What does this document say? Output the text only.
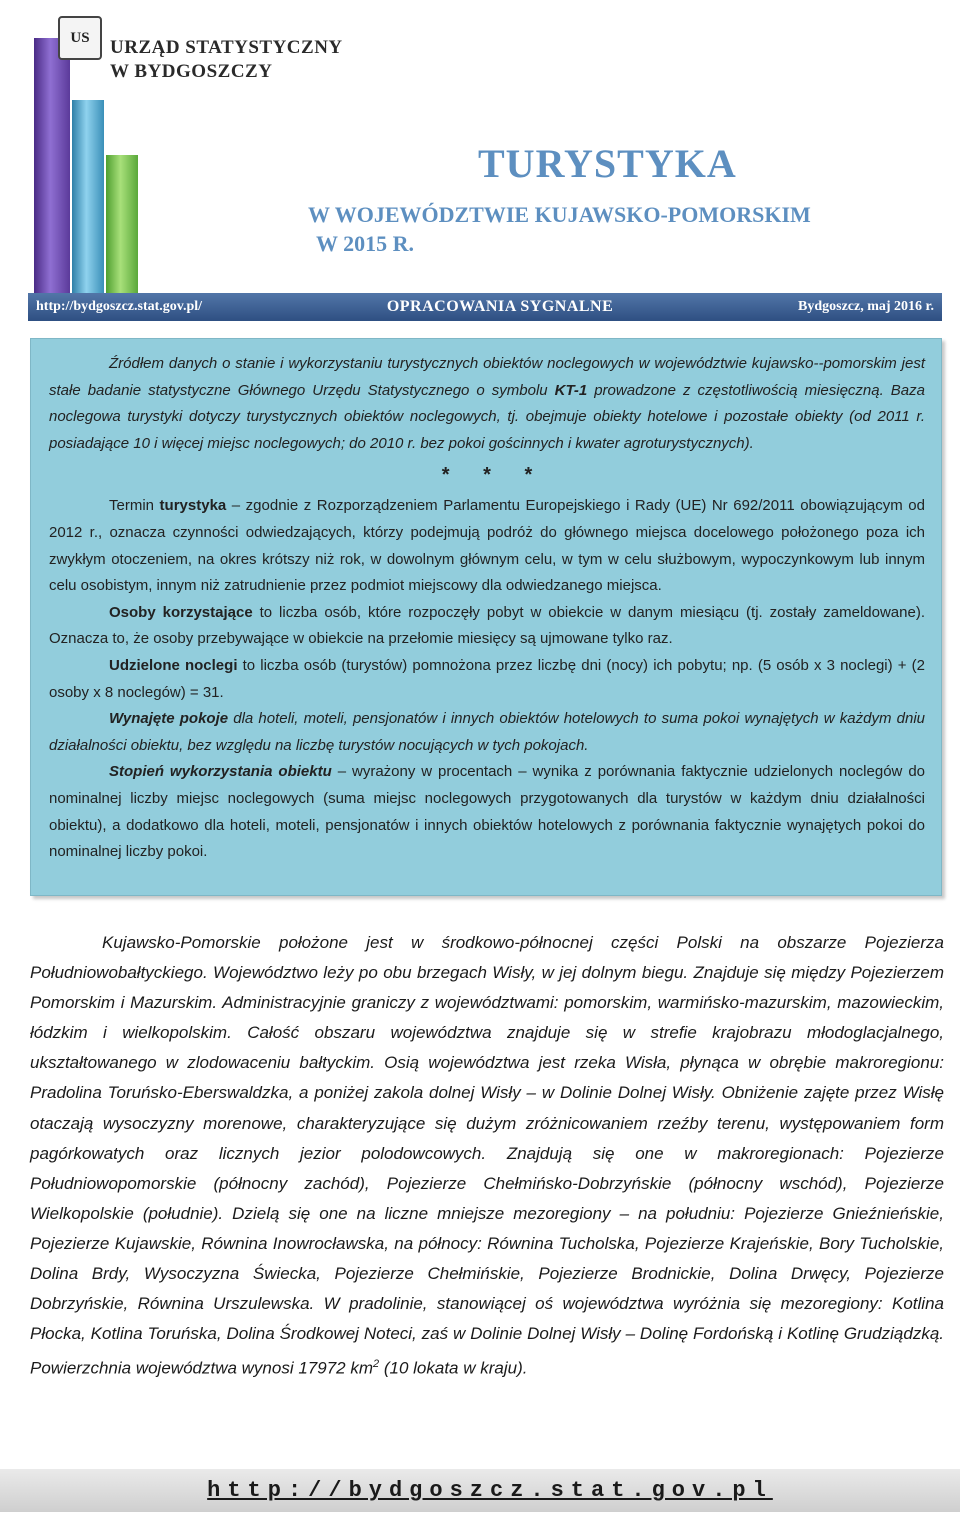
US	URZĄD STATYSTYCZNY
W BYDGOSZCZY
TURYSTYKA
W WOJEWÓDZTWIE KUJAWSKO-POMORSKIM
W 2015 R.
http://bydgoszcz.stat.gov.pl/	OPRACOWANIA SYGNALNE	Bydgoszcz, maj 2016 r.

Źródłem danych o stanie i wykorzystaniu turystycznych obiektów noclegowych w województwie kujawsko--pomorskim jest stałe badanie statystyczne Głównego Urzędu Statystycznego o symbolu KT-1 prowadzone z częstotliwością miesięczną. Baza noclegowa turystyki dotyczy turystycznych obiektów noclegowych, tj. obejmuje obiekty hotelowe i pozostałe obiekty (od 2011 r. posiadające 10 i więcej miejsc noclegowych; do 2010 r. bez pokoi gościnnych i kwater agroturystycznych).

* * *

Termin turystyka – zgodnie z Rozporządzeniem Parlamentu Europejskiego i Rady (UE) Nr 692/2011 obowiązującym od 2012 r., oznacza czynności odwiedzających, którzy podejmują podróż do głównego miejsca docelowego położonego poza ich zwykłym otoczeniem, na okres krótszy niż rok, w dowolnym głównym celu, w tym w celu służbowym, wypoczynkowym lub innym celu osobistym, innym niż zatrudnienie przez podmiot miejscowy dla odwiedzanego miejsca.

Osoby korzystające to liczba osób, które rozpoczęły pobyt w obiekcie w danym miesiącu (tj. zostały zameldowane). Oznacza to, że osoby przebywające w obiekcie na przełomie miesięcy są ujmowane tylko raz.

Udzielone noclegi to liczba osób (turystów) pomnożona przez liczbę dni (nocy) ich pobytu; np. (5 osób x 3 noclegi) + (2 osoby x 8 noclegów) = 31.

Wynajęte pokoje dla hoteli, moteli, pensjonatów i innych obiektów hotelowych to suma pokoi wynajętych w każdym dniu działalności obiektu, bez względu na liczbę turystów nocujących w tych pokojach.

Stopień wykorzystania obiektu – wyrażony w procentach – wynika z porównania faktycznie udzielonych noclegów do nominalnej liczby miejsc noclegowych (suma miejsc noclegowych przygotowanych dla turystów w każdym dniu działalności obiektu), a dodatkowo dla hoteli, moteli, pensjonatów i innych obiektów hotelowych z porównania faktycznie wynajętych pokoi do nominalnej liczby pokoi.

Kujawsko-Pomorskie położone jest w środkowo-północnej części Polski na obszarze Pojezierza Południowobałtyckiego. Województwo leży po obu brzegach Wisły, w jej dolnym biegu. Znajduje się między Pojezierzem Pomorskim i Mazurskim. Administracyjnie graniczy z województwami: pomorskim, warmińsko-mazurskim, mazowieckim, łódzkim i wielkopolskim. Całość obszaru województwa znajduje się w strefie krajobrazu młodoglacjalnego, ukształtowanego w zlodowaceniu bałtyckim. Osią województwa jest rzeka Wisła, płynąca w obrębie makroregionu: Pradolina Toruńsko-Eberswaldzka, a poniżej zakola dolnej Wisły – w Dolinie Dolnej Wisły. Obniżenie zajęte przez Wisłę otaczają wysoczyzny morenowe, charakteryzujące się dużym zróżnicowaniem rzeźby terenu, występowaniem form pagórkowatych oraz licznych jezior polodowcowych. Znajdują się one w makroregionach: Pojezierze Południowopomorskie (północny zachód), Pojezierze Chełmińsko-Dobrzyńskie (północny wschód), Pojezierze Wielkopolskie (południe). Dzielą się one na liczne mniejsze mezoregiony – na południu: Pojezierze Gnieźnieńskie, Pojezierze Kujawskie, Równina Inowrocławska, na północy: Równina Tucholska, Pojezierze Krajeńskie, Bory Tucholskie, Dolina Brdy, Wysoczyzna Świecka, Pojezierze Chełmińskie, Pojezierze Brodnickie, Dolina Drwęcy, Pojezierze Dobrzyńskie, Równina Urszulewska. W pradolinie, stanowiącej oś województwa wyróżnia się mezoregiony: Kotlina Płocka, Kotlina Toruńska, Dolina Środkowej Noteci, zaś w Dolinie Dolnej Wisły – Dolinę Fordońską i Kotlinę Grudziądzką. Powierzchnia województwa wynosi 17972 $km^2$ (10 lokata w kraju).

http://bydgoszcz.stat.gov.pl
